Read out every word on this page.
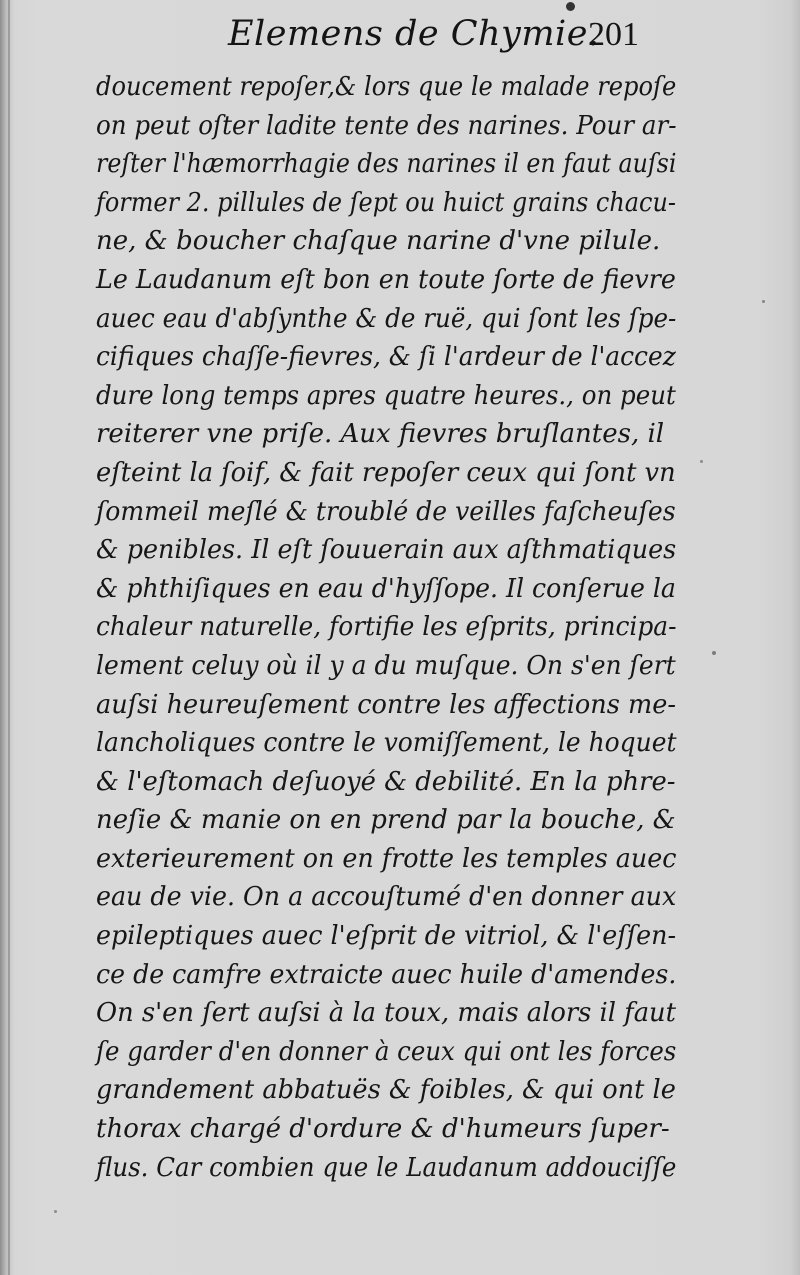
Elemens de Chymie.
201
doucement repoſer,& lors que le malade repoſe
on peut oſter ladite tente des narines. Pour ar-
reſter l'hæmorrhagie des narines il en faut auſsi
former 2. pillules de ſept ou huict grains chacu-
ne, & boucher chaſque narine d'vne pilule.
Le Laudanum eſt bon en toute ſorte de fievre
auec eau d'abſynthe & de ruë, qui ſont les ſpe-
cifiques chaſſe-fievres, & ſi l'ardeur de l'accez
dure long temps apres quatre heures., on peut
reiterer vne priſe. Aux fievres bruſlantes, il
eſteint la ſoif, & fait repoſer ceux qui ſont vn
ſommeil meſlé & troublé de veilles faſcheuſes
& penibles. Il eſt ſouuerain aux aſthmatiques
& phthiſiques en eau d'hyſſope. Il conſerue la
chaleur naturelle, fortifie les eſprits, principa-
lement celuy où il y a du muſque. On s'en ſert
auſsi heureuſement contre les affections me-
lancholiques contre le vomiſſement, le hoquet
& l'eſtomach deſuoyé & debilité. En la phre-
neſie & manie on en prend par la bouche, &
exterieurement on en frotte les temples auec
eau de vie. On a accouſtumé d'en donner aux
epileptiques auec l'eſprit de vitriol, & l'eſſen-
ce de camfre extraicte auec huile d'amendes.
On s'en ſert auſsi à la toux, mais alors il faut
ſe garder d'en donner à ceux qui ont les forces
grandement abbatuës & foibles, & qui ont le
thorax chargé d'ordure & d'humeurs ſuper-
flus. Car combien que le Laudanum addouciſſe
